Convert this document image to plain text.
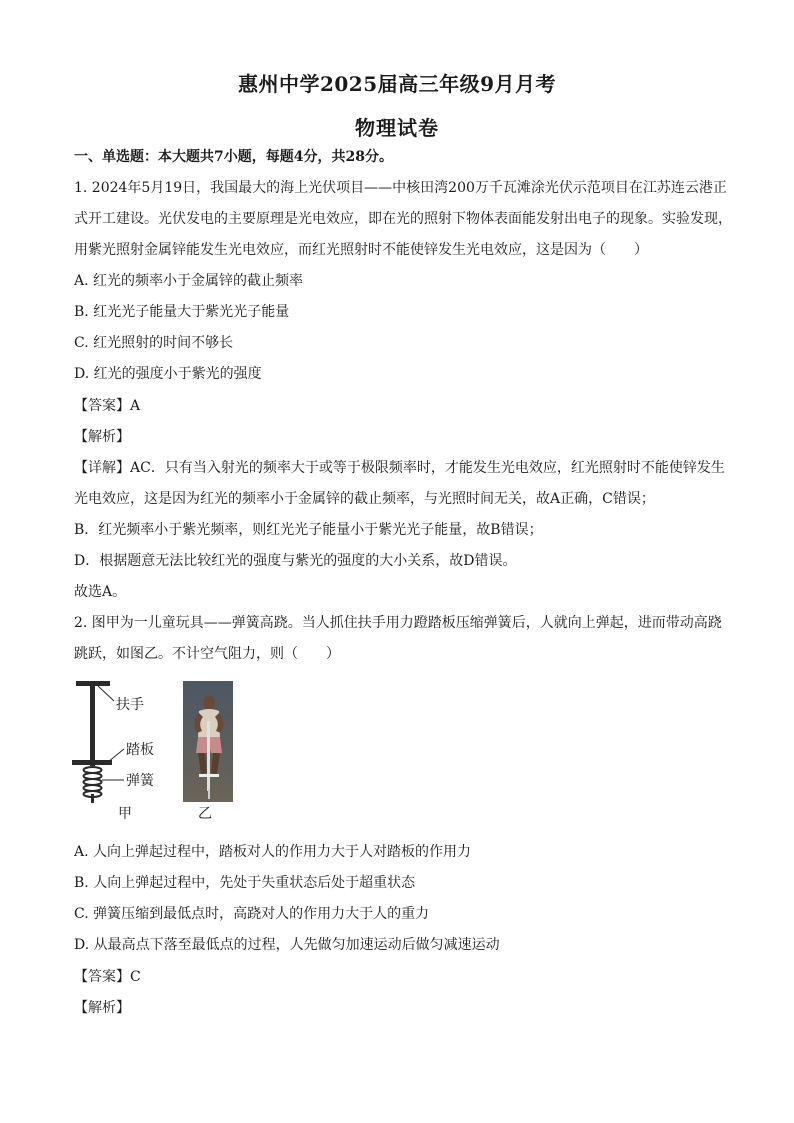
惠州中学2025届高三年级9月月考
物理试卷
一、单选题：本大题共7小题，每题4分，共28分。
1. 2024年5月19日，我国最大的海上光伏项目——中核田湾200万千瓦滩涂光伏示范项目在江苏连云港正
式开工建设。光伏发电的主要原理是光电效应，即在光的照射下物体表面能发射出电子的现象。实验发现，
用紫光照射金属锌能发生光电效应，而红光照射时不能使锌发生光电效应，这是因为（　　）
A. 红光的频率小于金属锌的截止频率
B. 红光光子能量大于紫光光子能量
C. 红光照射的时间不够长
D. 红光的强度小于紫光的强度
【答案】A
【解析】
【详解】AC．只有当入射光的频率大于或等于极限频率时，才能发生光电效应，红光照射时不能使锌发生
光电效应，这是因为红光的频率小于金属锌的截止频率，与光照时间无关，故A正确，C错误；
B．红光频率小于紫光频率，则红光光子能量小于紫光光子能量，故B错误；
D．根据题意无法比较红光的强度与紫光的强度的大小关系，故D错误。
故选A。
2. 图甲为一儿童玩具——弹簧高跷。当人抓住扶手用力蹬踏板压缩弹簧后，人就向上弹起，进而带动高跷
跳跃，如图乙。不计空气阻力，则（　　）
扶手
踏板
弹簧
甲	乙
A. 人向上弹起过程中，踏板对人的作用力大于人对踏板的作用力
B. 人向上弹起过程中，先处于失重状态后处于超重状态
C. 弹簧压缩到最低点时，高跷对人的作用力大于人的重力
D. 从最高点下落至最低点的过程，人先做匀加速运动后做匀减速运动
【答案】C
【解析】
